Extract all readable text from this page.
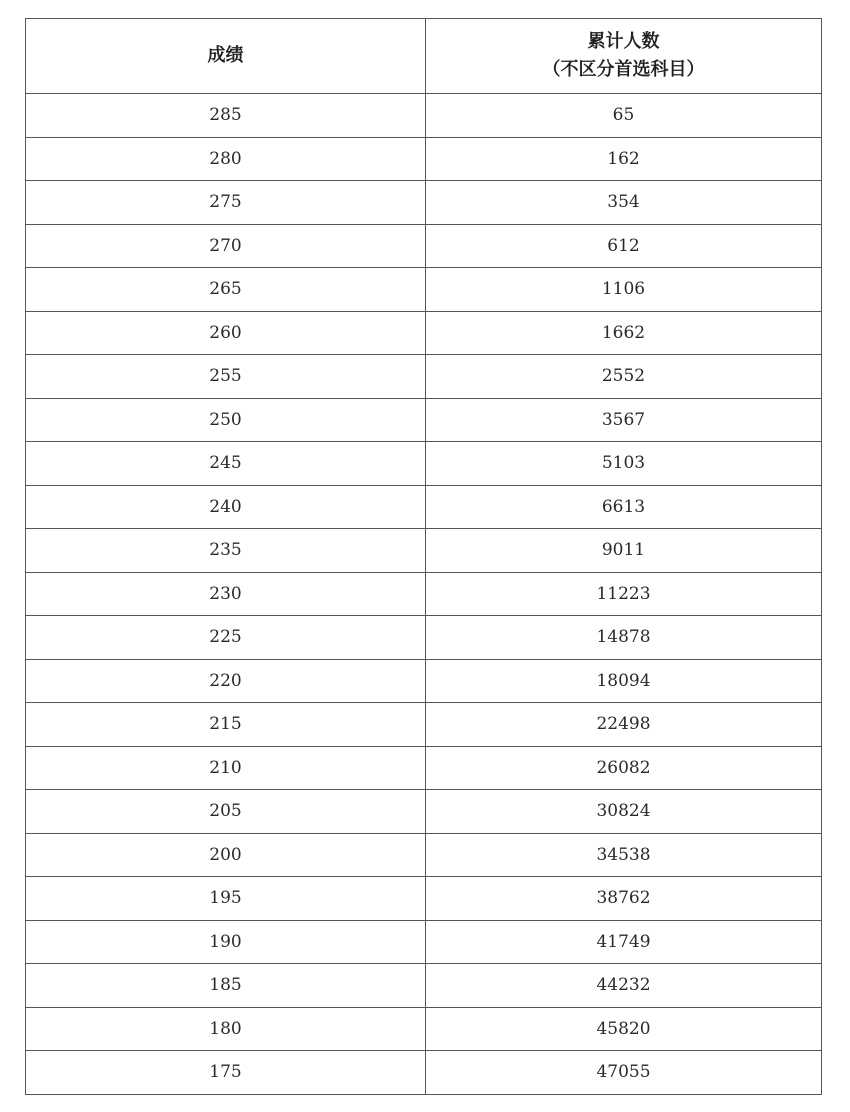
成绩	累计人数
（不区分首选科目）

285	65
280	162
275	354
270	612
265	1106
260	1662
255	2552
250	3567
245	5103
240	6613
235	9011
230	11223
225	14878
220	18094
215	22498
210	26082
205	30824
200	34538
195	38762
190	41749
185	44232
180	45820
175	47055
